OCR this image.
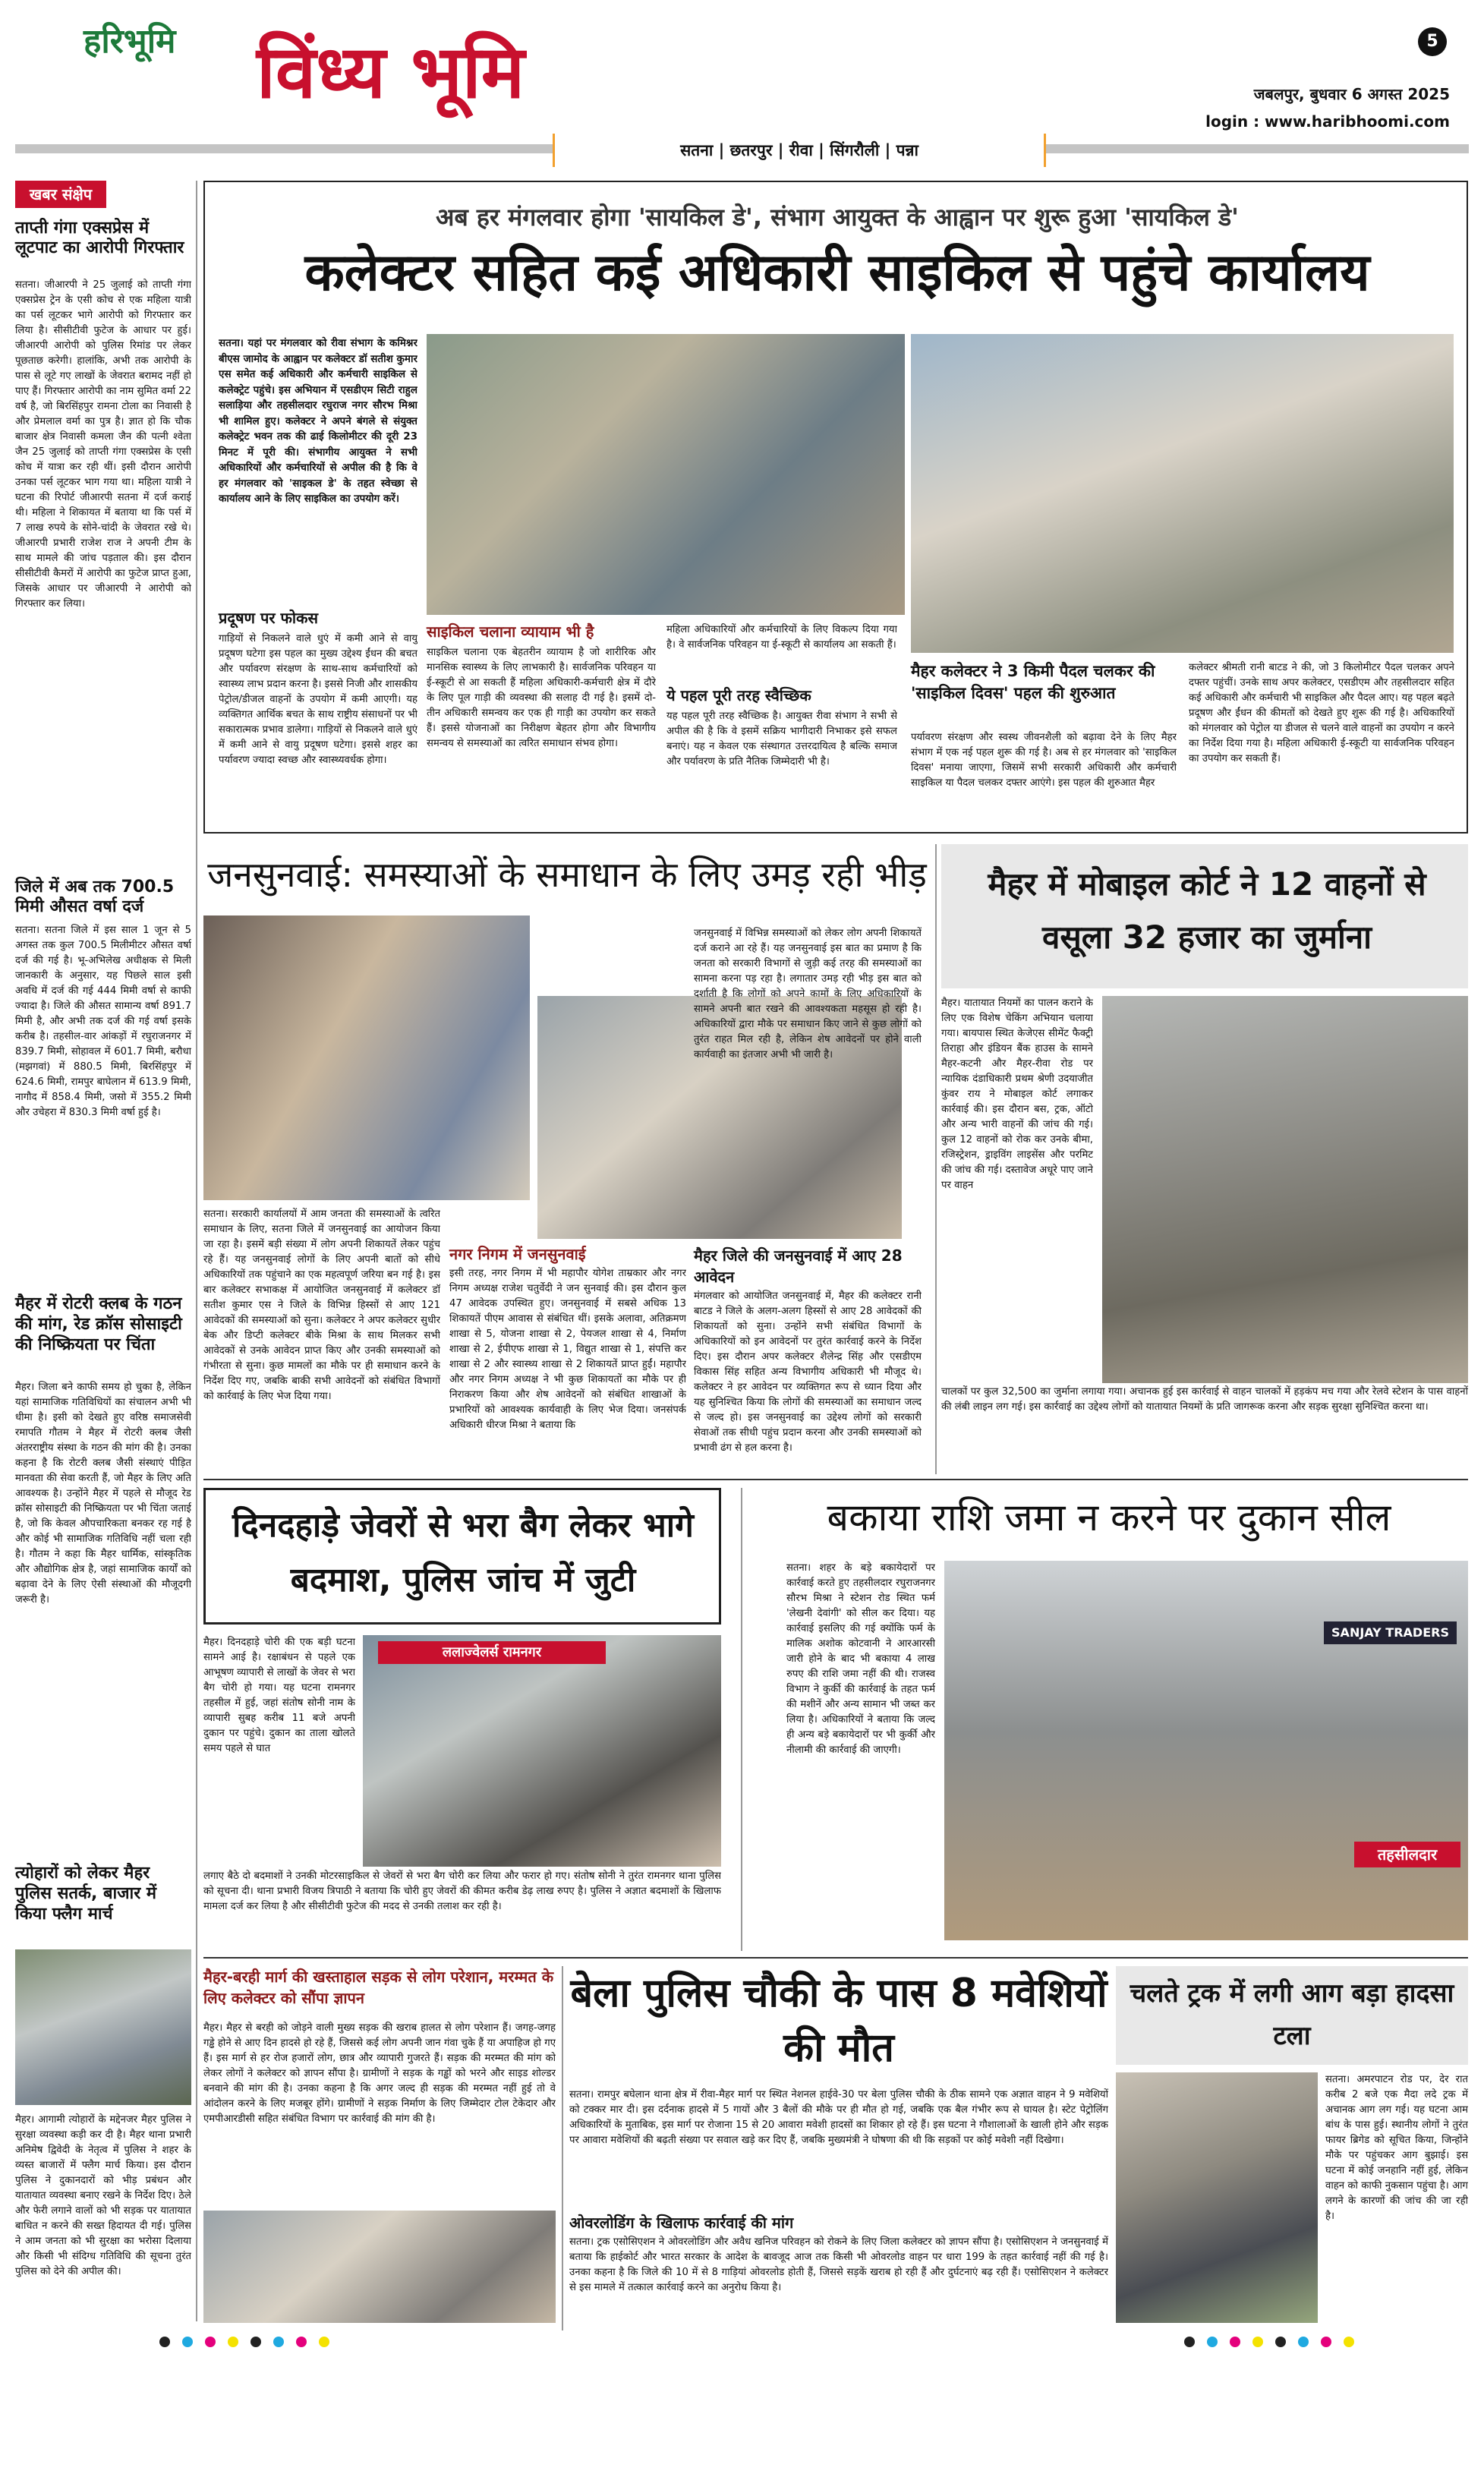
हरिभूमि	विंध्य भूमि	5
जबलपुर, बुधवार 6 अगस्त 2025
login : www.haribhoomi.com
सतना | छतरपुर | रीवा | सिंगरौली | पन्ना
खबर संक्षेप
ताप्ती गंगा एक्सप्रेस में लूटपाट का आरोपी गिरफ्तार
सतना। जीआरपी ने 25 जुलाई को ताप्ती गंगा एक्सप्रेस ट्रेन के एसी कोच से एक महिला यात्री का पर्स लूटकर भागे आरोपी को गिरफ्तार कर लिया है। सीसीटीवी फुटेज के आधार पर हुई। जीआरपी आरोपी को पुलिस रिमांड पर लेकर पूछताछ करेगी। हालांकि, अभी तक आरोपी के पास से लूटे गए लाखों के जेवरात बरामद नहीं हो पाए हैं। गिरफ्तार आरोपी का नाम सुमित वर्मा 22 वर्ष है, जो बिरसिंहपुर रामना टोला का निवासी है और प्रेमलाल वर्मा का पुत्र है। ज्ञात हो कि चौक बाजार क्षेत्र निवासी कमला जैन की पत्नी श्वेता जैन 25 जुलाई को ताप्ती गंगा एक्सप्रेस के एसी कोच में यात्रा कर रही थीं। इसी दौरान आरोपी उनका पर्स लूटकर भाग गया था। महिला यात्री ने घटना की रिपोर्ट जीआरपी सतना में दर्ज कराई थी। महिला ने शिकायत में बताया था कि पर्स में 7 लाख रुपये के सोने-चांदी के जेवरात रखे थे। जीआरपी प्रभारी राजेश राज ने अपनी टीम के साथ मामले की जांच पड़ताल की। इस दौरान सीसीटीवी कैमरों में आरोपी का फुटेज प्राप्त हुआ, जिसके आधार पर जीआरपी ने आरोपी को गिरफ्तार कर लिया।
जिले में अब तक 700.5 मिमी औसत वर्षा दर्ज
सतना। सतना जिले में इस साल 1 जून से 5 अगस्त तक कुल 700.5 मिलीमीटर औसत वर्षा दर्ज की गई है। भू-अभिलेख अधीक्षक से मिली जानकारी के अनुसार, यह पिछले साल इसी अवधि में दर्ज की गई 444 मिमी वर्षा से काफी ज्यादा है। जिले की औसत सामान्य वर्षा 891.7 मिमी है, और अभी तक दर्ज की गई वर्षा इसके करीब है। तहसील-वार आंकड़ों में रघुराजनगर में 839.7 मिमी, सोहावल में 601.7 मिमी, बरौधा (मझगवां) में 880.5 मिमी, बिरसिंहपुर में 624.6 मिमी, रामपुर बाघेलान में 613.9 मिमी, नागौद में 858.4 मिमी, जसो में 355.2 मिमी और उचेहरा में 830.3 मिमी वर्षा हुई है।
मैहर में रोटरी क्लब के गठन की मांग, रेड क्रॉस सोसाइटी की निष्क्रियता पर चिंता
मैहर। जिला बने काफी समय हो चुका है, लेकिन यहां सामाजिक गतिविधियों का संचालन अभी भी धीमा है। इसी को देखते हुए वरिष्ठ समाजसेवी रमापति गौतम ने मैहर में रोटरी क्लब जैसी अंतरराष्ट्रीय संस्था के गठन की मांग की है। उनका कहना है कि रोटरी क्लब जैसी संस्थाएं पीड़ित मानवता की सेवा करती हैं, जो मैहर के लिए अति आवश्यक है। उन्होंने मैहर में पहले से मौजूद रेड क्रॉस सोसाइटी की निष्क्रियता पर भी चिंता जताई है, जो कि केवल औपचारिकता बनकर रह गई है और कोई भी सामाजिक गतिविधि नहीं चला रही है। गौतम ने कहा कि मैहर धार्मिक, सांस्कृतिक और औद्योगिक क्षेत्र है, जहां सामाजिक कार्यों को बढ़ावा देने के लिए ऐसी संस्थाओं की मौजूदगी जरूरी है।
त्योहारों को लेकर मैहर पुलिस सतर्क, बाजार में किया फ्लैग मार्च
मैहर। आगामी त्योहारों के मद्देनजर मैहर पुलिस ने सुरक्षा व्यवस्था कड़ी कर दी है। मैहर थाना प्रभारी अनिमेष द्विवेदी के नेतृत्व में पुलिस ने शहर के व्यस्त बाजारों में फ्लैग मार्च किया। इस दौरान पुलिस ने दुकानदारों को भीड़ प्रबंधन और यातायात व्यवस्था बनाए रखने के निर्देश दिए। ठेले और फेरी लगाने वालों को भी सड़क पर यातायात बाधित न करने की सख्त हिदायत दी गई। पुलिस ने आम जनता को भी सुरक्षा का भरोसा दिलाया और किसी भी संदिग्ध गतिविधि की सूचना तुरंत पुलिस को देने की अपील की।
अब हर मंगलवार होगा 'सायकिल डे', संभाग आयुक्त के आह्वान पर शुरू हुआ 'सायकिल डे'
कलेक्टर सहित कई अधिकारी साइकिल से पहुंचे कार्यालय
सतना। यहां पर मंगलवार को रीवा संभाग के कमिश्नर बीएस जामोद के आह्वान पर कलेक्टर डॉ सतीश कुमार एस समेत कई अधिकारी और कर्मचारी साइकिल से कलेक्ट्रेट पहुंचे। इस अभियान में एसडीएम सिटी राहुल सलाड़िया और तहसीलदार रघुराज नगर सौरभ मिश्रा भी शामिल हुए। कलेक्टर ने अपने बंगले से संयुक्त कलेक्ट्रेट भवन तक की ढाई किलोमीटर की दूरी 23 मिनट में पूरी की। संभागीय आयुक्त ने सभी अधिकारियों और कर्मचारियों से अपील की है कि वे हर मंगलवार को 'साइकल डे' के तहत स्वेच्छा से कार्यालय आने के लिए साइकिल का उपयोग करें।
प्रदूषण पर फोकस
गाड़ियों से निकलने वाले धुएं में कमी आने से वायु प्रदूषण घटेगा इस पहल का मुख्य उद्देश्य ईंधन की बचत और पर्यावरण संरक्षण के साथ-साथ कर्मचारियों को स्वास्थ्य लाभ प्रदान करना है। इससे निजी और शासकीय पेट्रोल/डीजल वाहनों के उपयोग में कमी आएगी। यह व्यक्तिगत आर्थिक बचत के साथ राष्ट्रीय संसाधनों पर भी सकारात्मक प्रभाव डालेगा। गाड़ियों से निकलने वाले धुएं में कमी आने से वायु प्रदूषण घटेगा। इससे शहर का पर्यावरण ज्यादा स्वच्छ और स्वास्थ्यवर्धक होगा।
साइकिल चलाना व्यायाम भी है
साइकिल चलाना एक बेहतरीन व्यायाम है जो शारीरिक और मानसिक स्वास्थ्य के लिए लाभकारी है। सार्वजनिक परिवहन या ई-स्कूटी से आ सकती हैं महिला अधिकारी-कर्मचारी क्षेत्र में दौरे के लिए पूल गाड़ी की व्यवस्था की सलाह दी गई है। इसमें दो-तीन अधिकारी समन्वय कर एक ही गाड़ी का उपयोग कर सकते हैं। इससे योजनाओं का निरीक्षण बेहतर होगा और विभागीय समन्वय से समस्याओं का त्वरित समाधान संभव होगा।
महिला अधिकारियों और कर्मचारियों के लिए विकल्प दिया गया है। वे सार्वजनिक परिवहन या ई-स्कूटी से कार्यालय आ सकती हैं।
ये पहल पूरी तरह स्वैच्छिक
यह पहल पूरी तरह स्वैच्छिक है। आयुक्त रीवा संभाग ने सभी से अपील की है कि वे इसमें सक्रिय भागीदारी निभाकर इसे सफल बनाएं। यह न केवल एक संस्थागत उत्तरदायित्व है बल्कि समाज और पर्यावरण के प्रति नैतिक जिम्मेदारी भी है।
मैहर कलेक्टर ने 3 किमी पैदल चलकर की 'साइकिल दिवस' पहल की शुरुआत
पर्यावरण संरक्षण और स्वस्थ जीवनशैली को बढ़ावा देने के लिए मैहर संभाग में एक नई पहल शुरू की गई है। अब से हर मंगलवार को 'साइकिल दिवस' मनाया जाएगा, जिसमें सभी सरकारी अधिकारी और कर्मचारी साइकिल या पैदल चलकर दफ्तर आएंगे। इस पहल की शुरुआत मैहर
कलेक्टर श्रीमती रानी बाटड ने की, जो 3 किलोमीटर पैदल चलकर अपने दफ्तर पहुंचीं। उनके साथ अपर कलेक्टर, एसडीएम और तहसीलदार सहित कई अधिकारी और कर्मचारी भी साइकिल और पैदल आए। यह पहल बढ़ते प्रदूषण और ईंधन की कीमतों को देखते हुए शुरू की गई है। अधिकारियों को मंगलवार को पेट्रोल या डीजल से चलने वाले वाहनों का उपयोग न करने का निर्देश दिया गया है। महिला अधिकारी ई-स्कूटी या सार्वजनिक परिवहन का उपयोग कर सकती हैं।
जनसुनवाई: समस्याओं के समाधान के लिए उमड़ रही भीड़
सतना। सरकारी कार्यालयों में आम जनता की समस्याओं के त्वरित समाधान के लिए, सतना जिले में जनसुनवाई का आयोजन किया जा रहा है। इसमें बड़ी संख्या में लोग अपनी शिकायतें लेकर पहुंच रहे हैं। यह जनसुनवाई लोगों के लिए अपनी बातों को सीधे अधिकारियों तक पहुंचाने का एक महत्वपूर्ण जरिया बन गई है। इस बार कलेक्टर सभाकक्ष में आयोजित जनसुनवाई में कलेक्टर डॉ सतीश कुमार एस ने जिले के विभिन्न हिस्सों से आए 121 आवेदकों की समस्याओं को सुना। कलेक्टर ने अपर कलेक्टर सुधीर बेक और डिप्टी कलेक्टर बीके मिश्रा के साथ मिलकर सभी आवेदकों से उनके आवेदन प्राप्त किए और उनकी समस्याओं को गंभीरता से सुना। कुछ मामलों का मौके पर ही समाधान करने के निर्देश दिए गए, जबकि बाकी सभी आवेदनों को संबंधित विभागों को कार्रवाई के लिए भेज दिया गया।
नगर निगम में जनसुनवाई
इसी तरह, नगर निगम में भी महापौर योगेश ताम्रकार और नगर निगम अध्यक्ष राजेश चतुर्वेदी ने जन सुनवाई की। इस दौरान कुल 47 आवेदक उपस्थित हुए। जनसुनवाई में सबसे अधिक 13 शिकायतें पीएम आवास से संबंधित थीं। इसके अलावा, अतिक्रमण शाखा से 5, योजना शाखा से 2, पेयजल शाखा से 4, निर्माण शाखा से 2, ईपीएफ शाखा से 1, विद्युत शाखा से 1, संपत्ति कर शाखा से 2 और स्वास्थ्य शाखा से 2 शिकायतें प्राप्त हुईं। महापौर और नगर निगम अध्यक्ष ने भी कुछ शिकायतों का मौके पर ही निराकरण किया और शेष आवेदनों को संबंधित शाखाओं के प्रभारियों को आवश्यक कार्यवाही के लिए भेज दिया। जनसंपर्क अधिकारी धीरज मिश्रा ने बताया कि
जनसुनवाई में विभिन्न समस्याओं को लेकर लोग अपनी शिकायतें दर्ज कराने आ रहे हैं। यह जनसुनवाई इस बात का प्रमाण है कि जनता को सरकारी विभागों से जुड़ी कई तरह की समस्याओं का सामना करना पड़ रहा है। लगातार उमड़ रही भीड़ इस बात को दर्शाती है कि लोगों को अपने कामों के लिए अधिकारियों के सामने अपनी बात रखने की आवश्यकता महसूस हो रही है। अधिकारियों द्वारा मौके पर समाधान किए जाने से कुछ लोगों को तुरंत राहत मिल रही है, लेकिन शेष आवेदनों पर होने वाली कार्यवाही का इंतजार अभी भी जारी है।
मैहर जिले की जनसुनवाई में आए 28 आवेदन
मंगलवार को आयोजित जनसुनवाई में, मैहर की कलेक्टर रानी बाटड ने जिले के अलग-अलग हिस्सों से आए 28 आवेदकों की शिकायतों को सुना। उन्होंने सभी संबंधित विभागों के अधिकारियों को इन आवेदनों पर तुरंत कार्रवाई करने के निर्देश दिए। इस दौरान अपर कलेक्टर शैलेन्द्र सिंह और एसडीएम विकास सिंह सहित अन्य विभागीय अधिकारी भी मौजूद थे। कलेक्टर ने हर आवेदन पर व्यक्तिगत रूप से ध्यान दिया और यह सुनिश्चित किया कि लोगों की समस्याओं का समाधान जल्द से जल्द हो। इस जनसुनवाई का उद्देश्य लोगों को सरकारी सेवाओं तक सीधी पहुंच प्रदान करना और उनकी समस्याओं को प्रभावी ढंग से हल करना है।
मैहर में मोबाइल कोर्ट ने 12 वाहनों से वसूला 32 हजार का जुर्माना
मैहर। यातायात नियमों का पालन कराने के लिए एक विशेष चेकिंग अभियान चलाया गया। बायपास स्थित केजेएस सीमेंट फैक्ट्री तिराहा और इंडियन बैंक हाउस के सामने मैहर-कटनी और मैहर-रीवा रोड पर न्यायिक दंडाधिकारी प्रथम श्रेणी उदयाजीत कुंवर राय ने मोबाइल कोर्ट लगाकर कार्रवाई की। इस दौरान बस, ट्रक, ऑटो और अन्य भारी वाहनों की जांच की गई। कुल 12 वाहनों को रोक कर उनके बीमा, रजिस्ट्रेशन, ड्राइविंग लाइसेंस और परमिट की जांच की गई। दस्तावेज अधूरे पाए जाने पर वाहन
चालकों पर कुल 32,500 का जुर्माना लगाया गया। अचानक हुई इस कार्रवाई से वाहन चालकों में हड़कंप मच गया और रेलवे स्टेशन के पास वाहनों की लंबी लाइन लग गई। इस कार्रवाई का उद्देश्य लोगों को यातायात नियमों के प्रति जागरूक करना और सड़क सुरक्षा सुनिश्चित करना था।
दिनदहाड़े जेवरों से भरा बैग लेकर भागे बदमाश, पुलिस जांच में जुटी
मैहर। दिनदहाड़े चोरी की एक बड़ी घटना सामने आई है। रक्षाबंधन से पहले एक आभूषण व्यापारी से लाखों के जेवर से भरा बैग चोरी हो गया। यह घटना रामनगर तहसील में हुई, जहां संतोष सोनी नाम के व्यापारी सुबह करीब 11 बजे अपनी दुकान पर पहुंचे। दुकान का ताला खोलते समय पहले से घात
ललाज्वेलर्स रामनगर
लगाए बैठे दो बदमाशों ने उनकी मोटरसाइकिल से जेवरों से भरा बैग चोरी कर लिया और फरार हो गए। संतोष सोनी ने तुरंत रामनगर थाना पुलिस को सूचना दी। थाना प्रभारी विजय त्रिपाठी ने बताया कि चोरी हुए जेवरों की कीमत करीब डेढ़ लाख रुपए है। पुलिस ने अज्ञात बदमाशों के खिलाफ मामला दर्ज कर लिया है और सीसीटीवी फुटेज की मदद से उनकी तलाश कर रही है।
बकाया राशि जमा न करने पर दुकान सील
सतना। शहर के बड़े बकायेदारों पर कार्रवाई करते हुए तहसीलदार रघुराजनगर सौरभ मिश्रा ने स्टेशन रोड स्थित फर्म 'लेखनी देवांगी' को सील कर दिया। यह कार्रवाई इसलिए की गई क्योंकि फर्म के मालिक अशोक कोटवानी ने आरआरसी जारी होने के बाद भी बकाया 4 लाख रुपए की राशि जमा नहीं की थी। राजस्व विभाग ने कुर्की की कार्रवाई के तहत फर्म की मशीनें और अन्य सामान भी जब्त कर लिया है। अधिकारियों ने बताया कि जल्द ही अन्य बड़े बकायेदारों पर भी कुर्की और नीलामी की कार्रवाई की जाएगी।
SANJAY TRADERS
तहसीलदार
मैहर-बरही मार्ग की खस्ताहाल सड़क से लोग परेशान, मरम्मत के लिए कलेक्टर को सौंपा ज्ञापन
मैहर। मैहर से बरही को जोड़ने वाली मुख्य सड़क की खराब हालत से लोग परेशान हैं। जगह-जगह गड्ढे होने से आए दिन हादसे हो रहे हैं, जिससे कई लोग अपनी जान गंवा चुके हैं या अपाहिज हो गए हैं। इस मार्ग से हर रोज हजारों लोग, छात्र और व्यापारी गुजरते हैं। सड़क की मरम्मत की मांग को लेकर लोगों ने कलेक्टर को ज्ञापन सौंपा है। ग्रामीणों ने सड़क के गड्ढों को भरने और साइड शोल्डर बनवाने की मांग की है। उनका कहना है कि अगर जल्द ही सड़क की मरम्मत नहीं हुई तो वे आंदोलन करने के लिए मजबूर होंगे। ग्रामीणों ने सड़क निर्माण के लिए जिम्मेदार टोल टेकेदार और एमपीआरडीसी सहित संबंधित विभाग पर कार्रवाई की मांग की है।
बेला पुलिस चौकी के पास 8 मवेशियों की मौत
सतना। रामपुर बघेलान थाना क्षेत्र में रीवा-मैहर मार्ग पर स्थित नेशनल हाईवे-30 पर बेला पुलिस चौकी के ठीक सामने एक अज्ञात वाहन ने 9 मवेशियों को टक्कर मार दी। इस दर्दनाक हादसे में 5 गायों और 3 बैलों की मौके पर ही मौत हो गई, जबकि एक बैल गंभीर रूप से घायल है। स्टेट पेट्रोलिंग अधिकारियों के मुताबिक, इस मार्ग पर रोजाना 15 से 20 आवारा मवेशी हादसों का शिकार हो रहे हैं। इस घटना ने गौशालाओं के खाली होने और सड़क पर आवारा मवेशियों की बढ़ती संख्या पर सवाल खड़े कर दिए हैं, जबकि मुख्यमंत्री ने घोषणा की थी कि सड़कों पर कोई मवेशी नहीं दिखेगा।
ओवरलोडिंग के खिलाफ कार्रवाई की मांग
सतना। ट्रक एसोसिएशन ने ओवरलोडिंग और अवैध खनिज परिवहन को रोकने के लिए जिला कलेक्टर को ज्ञापन सौंपा है। एसोसिएशन ने जनसुनवाई में बताया कि हाईकोर्ट और भारत सरकार के आदेश के बावजूद आज तक किसी भी ओवरलोड वाहन पर धारा 199 के तहत कार्रवाई नहीं की गई है। उनका कहना है कि जिले की 10 में से 8 गाड़ियां ओवरलोड होती हैं, जिससे सड़कें खराब हो रही हैं और दुर्घटनाएं बढ़ रही हैं। एसोसिएशन ने कलेक्टर से इस मामले में तत्काल कार्रवाई करने का अनुरोध किया है।
चलते ट्रक में लगी आग बड़ा हादसा टला
सतना। अमरपाटन रोड पर, देर रात करीब 2 बजे एक मैदा लदे ट्रक में अचानक आग लग गई। यह घटना आम बांध के पास हुई। स्थानीय लोगों ने तुरंत फायर ब्रिगेड को सूचित किया, जिन्होंने मौके पर पहुंचकर आग बुझाई। इस घटना में कोई जनहानि नहीं हुई, लेकिन वाहन को काफी नुकसान पहुंचा है। आग लगने के कारणों की जांच की जा रही है।
